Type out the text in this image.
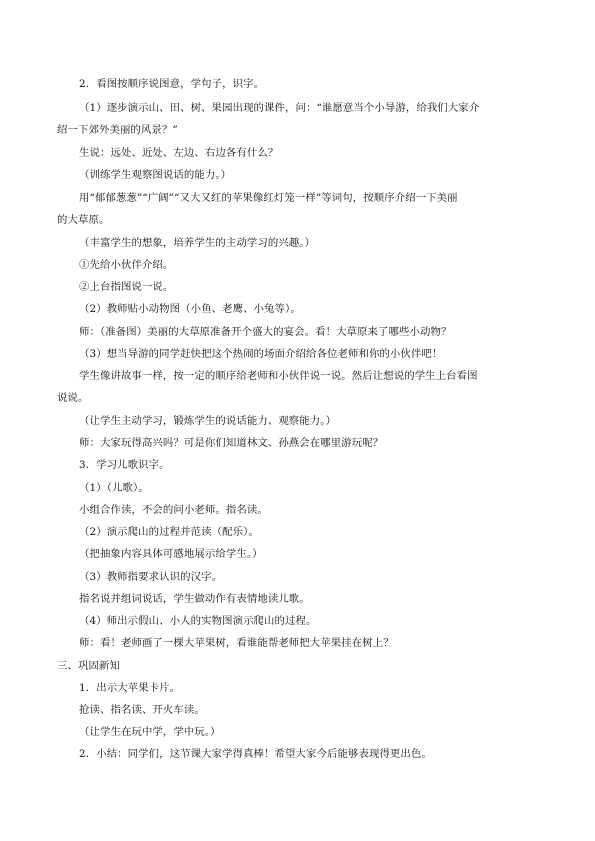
2．看图按顺序说图意，学句子，识字。
（1）逐步演示山、田、树、果园出现的课件，问：“谁愿意当个小导游，给我们大家介
绍一下郊外美丽的风景？”
生说：远处、近处、左边、右边各有什么？
（训练学生观察图说话的能力。）
用“郁郁葱葱”“广阔”“又大又红的苹果像红灯笼一样”等词句，按顺序介绍一下美丽
的大草原。
（丰富学生的想象，培养学生的主动学习的兴趣。）
①先给小伙伴介绍。
②上台指图说一说。
（2）教师贴小动物图（小鱼、老鹰、小兔等）。
师：（准备图）美丽的大草原准备开个盛大的宴会。看！大草原来了哪些小动物？
（3）想当导游的同学赶快把这个热闹的场面介绍给各位老师和你的小伙伴吧！
学生像讲故事一样，按一定的顺序给老师和小伙伴说一说。然后让想说的学生上台看图
说说。
（让学生主动学习，锻炼学生的说话能力、观察能力。）
师：大家玩得高兴吗？可是你们知道林文、孙燕会在哪里游玩呢？
3．学习儿歌识字。
（1）（儿歌）。
小组合作读，不会的问小老师。指名读。
（2）演示爬山的过程并范读（配乐）。
（把抽象内容具体可感地展示给学生。）
（3）教师指要求认识的汉字。
指名说并组词说话，学生做动作有表情地读儿歌。
（4）师出示假山、小人的实物图演示爬山的过程。
师：看！老师画了一棵大苹果树，看谁能帮老师把大苹果挂在树上？
三、巩固新知
1．出示大苹果卡片。
抢读、指名读、开火车读。
（让学生在玩中学，学中玩。）
2．小结：同学们，这节课大家学得真棒！希望大家今后能够表现得更出色。
